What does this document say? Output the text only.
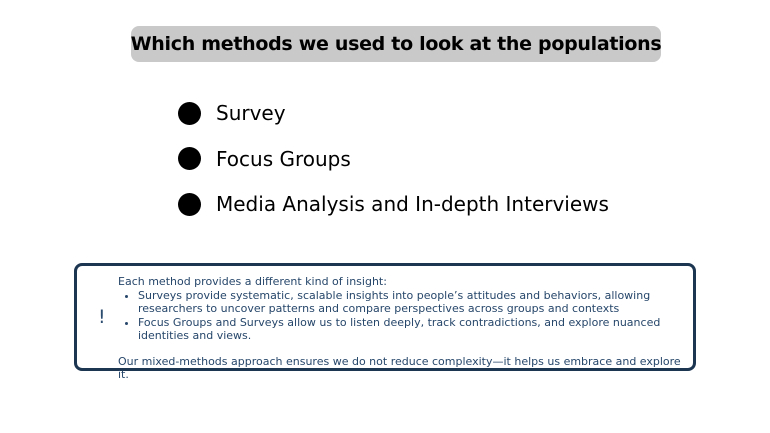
Which methods we used to look at the populations
Survey
Focus Groups
Media Analysis and In-depth Interviews
!

Each method provides a different kind of insight:

• Surveys provide systematic, scalable insights into people’s attitudes and behaviors, allowing researchers to uncover patterns and compare perspectives across groups and contexts
• Focus Groups and Surveys allow us to listen deeply, track contradictions, and explore nuanced identities and views.

Our mixed-methods approach ensures we do not reduce complexity—it helps us embrace and explore it.
